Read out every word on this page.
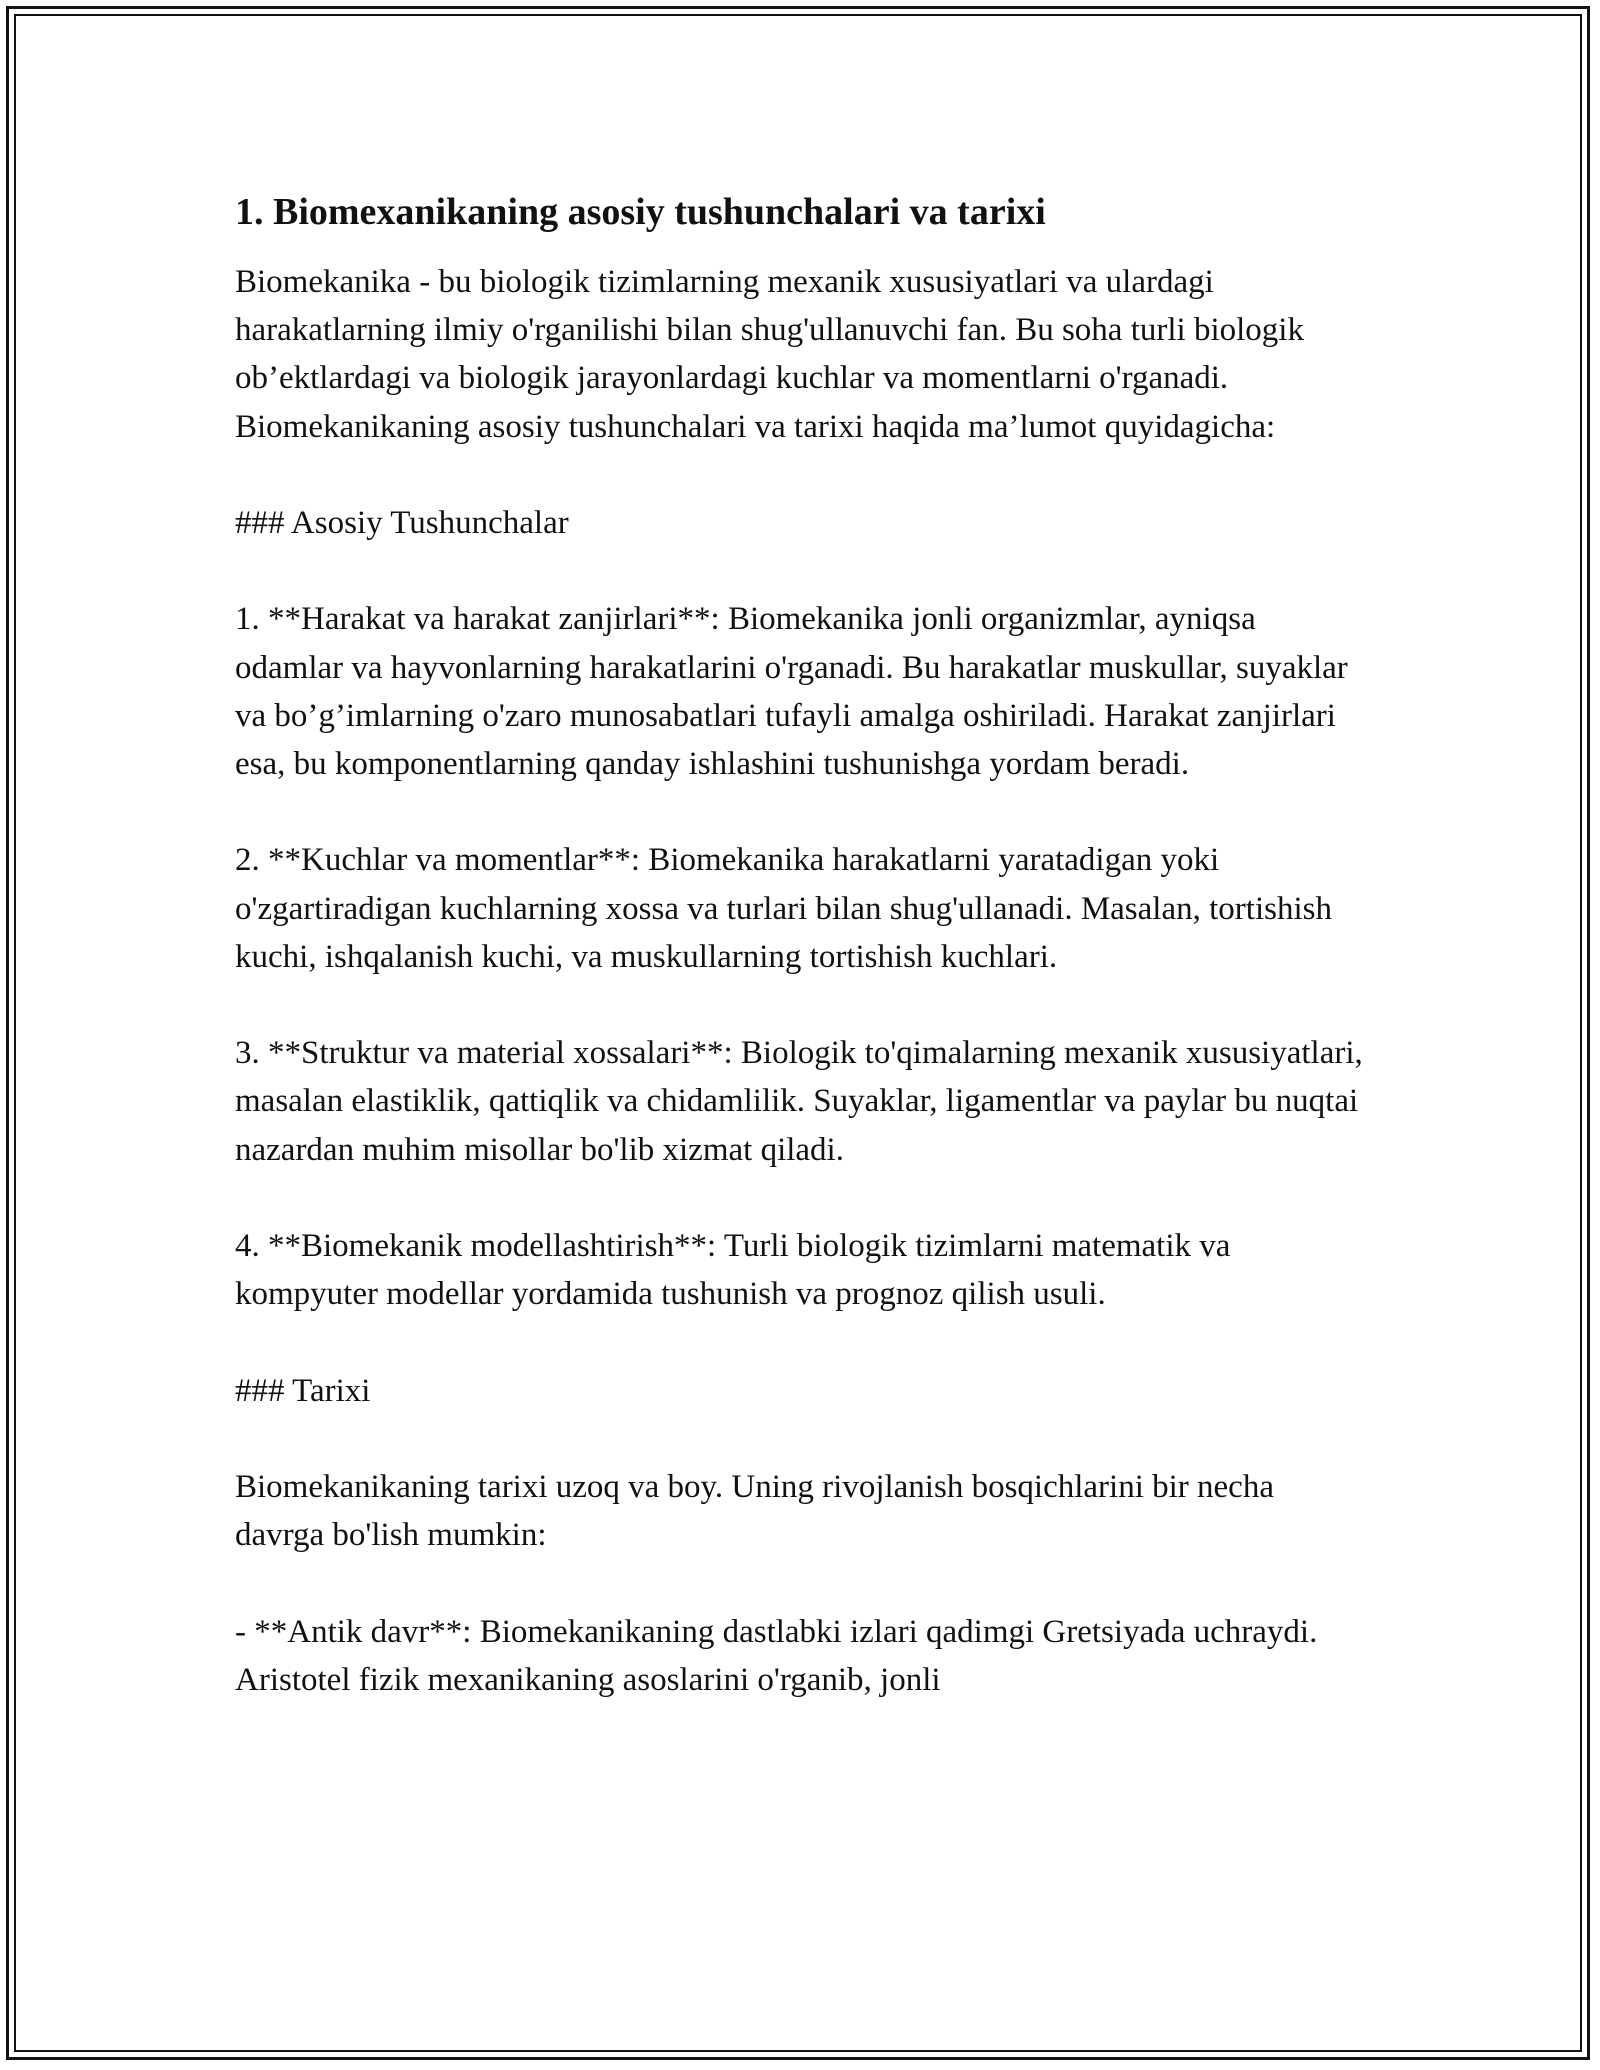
1. Biomexanikaning asosiy tushunchalari va tarixi

Biomekanika - bu biologik tizimlarning mexanik xususiyatlari va ulardagi harakatlarning ilmiy o'rganilishi bilan shug'ullanuvchi fan. Bu soha turli biologik ob’ektlardagi va biologik jarayonlardagi kuchlar va momentlarni o'rganadi. Biomekanikaning asosiy tushunchalari va tarixi haqida ma’lumot quyidagicha:

### Asosiy Tushunchalar

1. **Harakat va harakat zanjirlari**: Biomekanika jonli organizmlar, ayniqsa odamlar va hayvonlarning harakatlarini o'rganadi. Bu harakatlar muskullar, suyaklar va bo’g’imlarning o'zaro munosabatlari tufayli amalga oshiriladi. Harakat zanjirlari esa, bu komponentlarning qanday ishlashini tushunishga yordam beradi.

2. **Kuchlar va momentlar**: Biomekanika harakatlarni yaratadigan yoki o'zgartiradigan kuchlarning xossa va turlari bilan shug'ullanadi. Masalan, tortishish kuchi, ishqalanish kuchi, va muskullarning tortishish kuchlari.

3. **Struktur va material xossalari**: Biologik to'qimalarning mexanik xususiyatlari, masalan elastiklik, qattiqlik va chidamlilik. Suyaklar, ligamentlar va paylar bu nuqtai nazardan muhim misollar bo'lib xizmat qiladi.

4. **Biomekanik modellashtirish**: Turli biologik tizimlarni matematik va kompyuter modellar yordamida tushunish va prognoz qilish usuli.

### Tarixi

Biomekanikaning tarixi uzoq va boy. Uning rivojlanish bosqichlarini bir necha davrga bo'lish mumkin:

- **Antik davr**: Biomekanikaning dastlabki izlari qadimgi Gretsiyada uchraydi. Aristotel fizik mexanikaning asoslarini o'rganib, jonli
